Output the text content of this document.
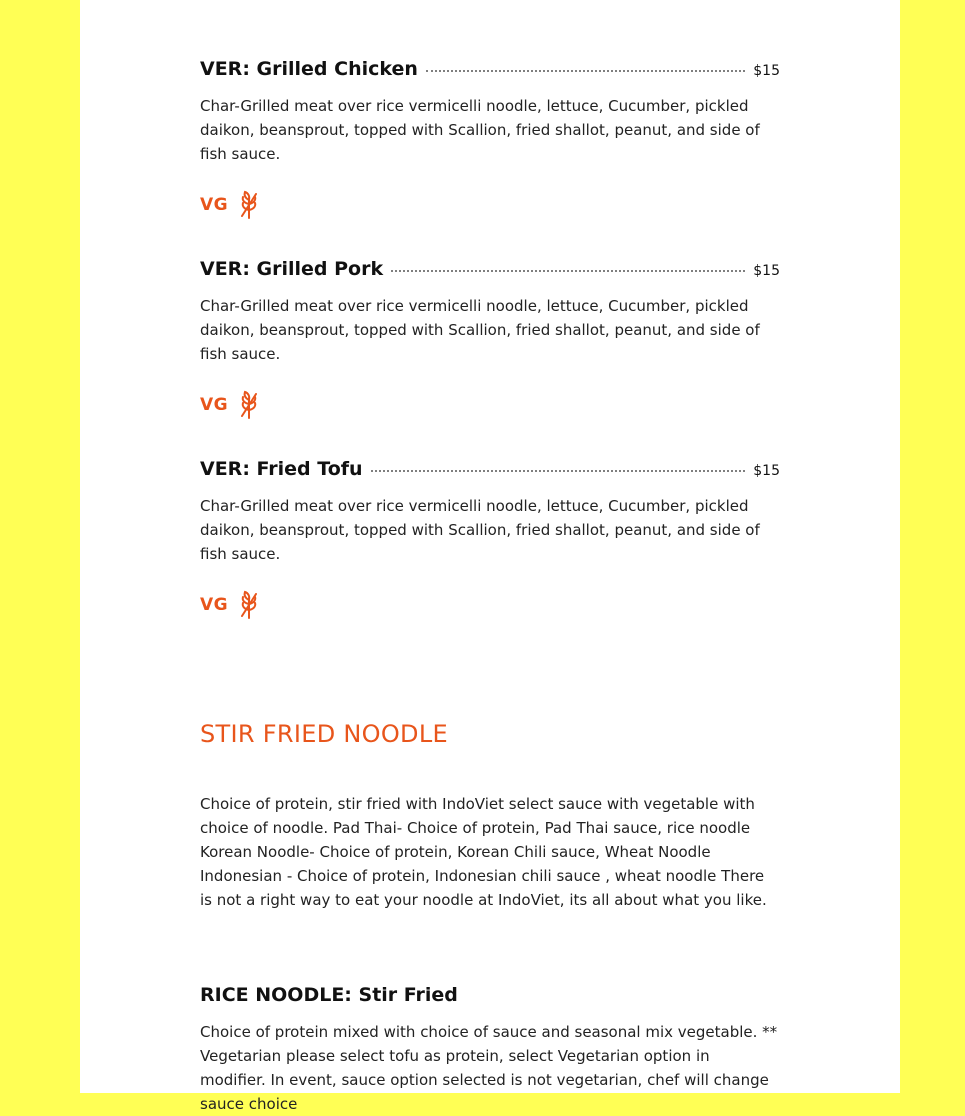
VER: Grilled Chicken	$15
Char-Grilled meat over rice vermicelli noodle, lettuce, Cucumber, pickled daikon, beansprout, topped with Scallion, fried shallot, peanut, and side of fish sauce.
VG
VER: Grilled Pork	$15
Char-Grilled meat over rice vermicelli noodle, lettuce, Cucumber, pickled daikon, beansprout, topped with Scallion, fried shallot, peanut, and side of fish sauce.
VG
VER: Fried Tofu	$15
Char-Grilled meat over rice vermicelli noodle, lettuce, Cucumber, pickled daikon, beansprout, topped with Scallion, fried shallot, peanut, and side of fish sauce.
VG
STIR FRIED NOODLE
Choice of protein, stir fried with IndoViet select sauce with vegetable with choice of noodle. Pad Thai- Choice of protein, Pad Thai sauce, rice noodle Korean Noodle- Choice of protein, Korean Chili sauce, Wheat Noodle Indonesian - Choice of protein, Indonesian chili sauce , wheat noodle There is not a right way to eat your noodle at IndoViet, its all about what you like.
RICE NOODLE: Stir Fried
Choice of protein mixed with choice of sauce and seasonal mix vegetable. ** Vegetarian please select tofu as protein, select Vegetarian option in modifier. In event, sauce option selected is not vegetarian, chef will change sauce choice
